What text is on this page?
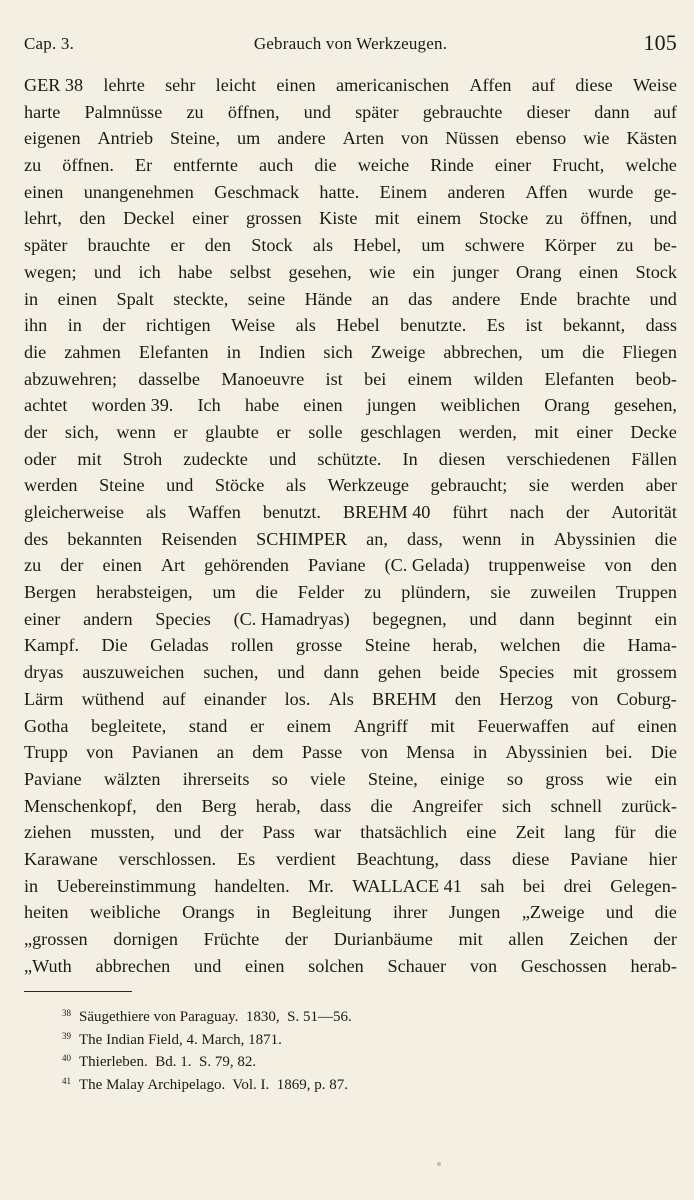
Cap. 3.	Gebrauch von Werkzeugen.	105
GER 38 lehrte sehr leicht einen americanischen Affen auf diese Weise
harte Palmnüsse zu öffnen, und später gebrauchte dieser dann auf
eigenen Antrieb Steine, um andere Arten von Nüssen ebenso wie Kästen
zu öffnen. Er entfernte auch die weiche Rinde einer Frucht, welche
einen unangenehmen Geschmack hatte. Einem anderen Affen wurde ge-
lehrt, den Deckel einer grossen Kiste mit einem Stocke zu öffnen, und
später brauchte er den Stock als Hebel, um schwere Körper zu be-
wegen; und ich habe selbst gesehen, wie ein junger Orang einen Stock
in einen Spalt steckte, seine Hände an das andere Ende brachte und
ihn in der richtigen Weise als Hebel benutzte. Es ist bekannt, dass
die zahmen Elefanten in Indien sich Zweige abbrechen, um die Fliegen
abzuwehren; dasselbe Manoeuvre ist bei einem wilden Elefanten beob-
achtet worden 39. Ich habe einen jungen weiblichen Orang gesehen,
der sich, wenn er glaubte er solle geschlagen werden, mit einer Decke
oder mit Stroh zudeckte und schützte. In diesen verschiedenen Fällen
werden Steine und Stöcke als Werkzeuge gebraucht; sie werden aber
gleicherweise als Waffen benutzt. BREHM 40 führt nach der Autorität
des bekannten Reisenden SCHIMPER an, dass, wenn in Abyssinien die
zu der einen Art gehörenden Paviane (C. Gelada) truppenweise von den
Bergen herabsteigen, um die Felder zu plündern, sie zuweilen Truppen
einer andern Species (C. Hamadryas) begegnen, und dann beginnt ein
Kampf. Die Geladas rollen grosse Steine herab, welchen die Hama-
dryas auszuweichen suchen, und dann gehen beide Species mit grossem
Lärm wüthend auf einander los. Als BREHM den Herzog von Coburg-
Gotha begleitete, stand er einem Angriff mit Feuerwaffen auf einen
Trupp von Pavianen an dem Passe von Mensa in Abyssinien bei. Die
Paviane wälzten ihrerseits so viele Steine, einige so gross wie ein
Menschenkopf, den Berg herab, dass die Angreifer sich schnell zurück-
ziehen mussten, und der Pass war thatsächlich eine Zeit lang für die
Karawane verschlossen. Es verdient Beachtung, dass diese Paviane hier
in Uebereinstimmung handelten. Mr. WALLACE 41 sah bei drei Gelegen-
heiten weibliche Orangs in Begleitung ihrer Jungen „Zweige und die
„grossen dornigen Früchte der Durianbäume mit allen Zeichen der
„Wuth abbrechen und einen solchen Schauer von Geschossen herab-
$^{38}$ Säugethiere von Paraguay.  1830,  S. 51—56.
$^{39}$ The Indian Field, 4. March, 1871.
$^{40}$ Thierleben.  Bd. 1.  S. 79, 82.
$^{41}$ The Malay Archipelago.  Vol. I.  1869, p. 87.
